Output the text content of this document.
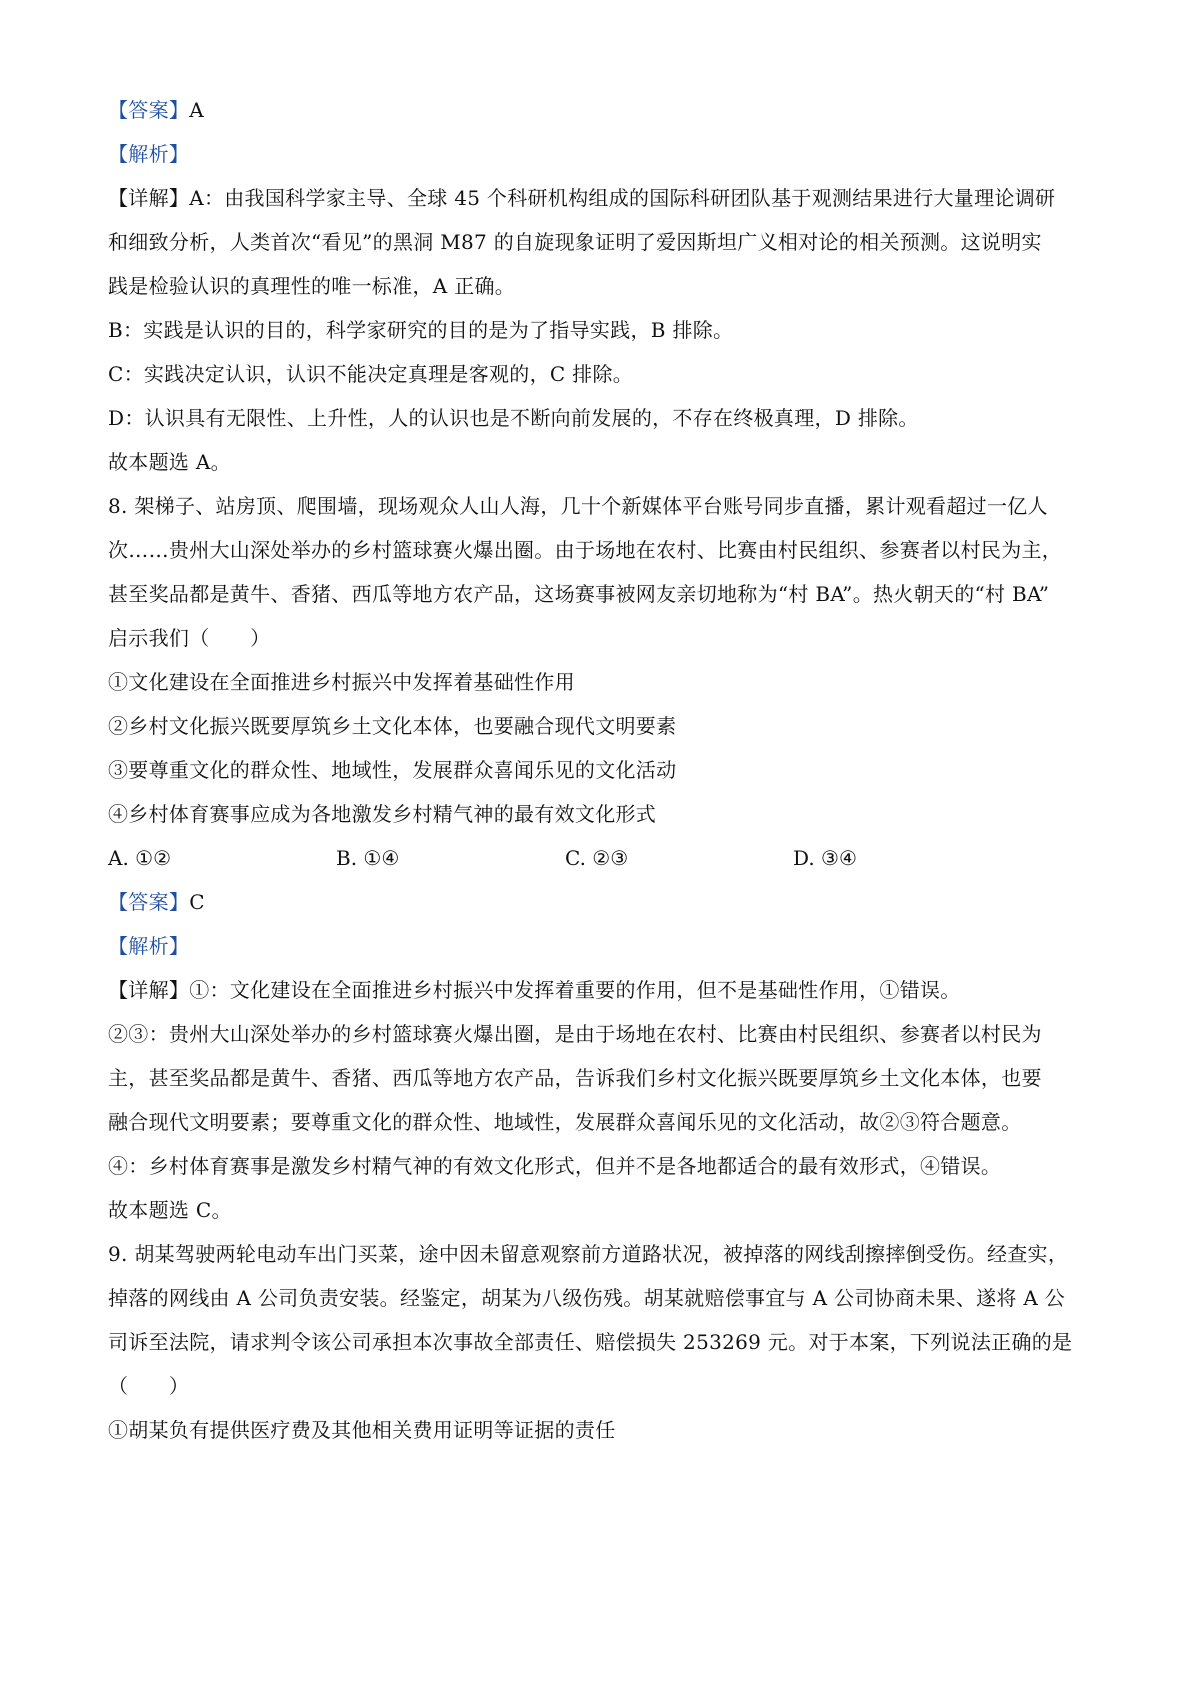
【答案】A
【解析】
【详解】A：由我国科学家主导、全球 45 个科研机构组成的国际科研团队基于观测结果进行大量理论调研
和细致分析，人类首次“看见”的黑洞 M87 的自旋现象证明了爱因斯坦广义相对论的相关预测。这说明实
践是检验认识的真理性的唯一标准，A 正确。
B：实践是认识的目的，科学家研究的目的是为了指导实践，B 排除。
C：实践决定认识，认识不能决定真理是客观的，C 排除。
D：认识具有无限性、上升性，人的认识也是不断向前发展的，不存在终极真理，D 排除。
故本题选 A。
8. 架梯子、站房顶、爬围墙，现场观众人山人海，几十个新媒体平台账号同步直播，累计观看超过一亿人
次……贵州大山深处举办的乡村篮球赛火爆出圈。由于场地在农村、比赛由村民组织、参赛者以村民为主，
甚至奖品都是黄牛、香猪、西瓜等地方农产品，这场赛事被网友亲切地称为“村 BA”。热火朝天的“村 BA”
启示我们（　　）
①文化建设在全面推进乡村振兴中发挥着基础性作用
②乡村文化振兴既要厚筑乡土文化本体，也要融合现代文明要素
③要尊重文化的群众性、地域性，发展群众喜闻乐见的文化活动
④乡村体育赛事应成为各地激发乡村精气神的最有效文化形式
A. ①②	B. ①④	C. ②③	D. ③④
【答案】C
【解析】
【详解】①：文化建设在全面推进乡村振兴中发挥着重要的作用，但不是基础性作用，①错误。
②③：贵州大山深处举办的乡村篮球赛火爆出圈，是由于场地在农村、比赛由村民组织、参赛者以村民为
主，甚至奖品都是黄牛、香猪、西瓜等地方农产品，告诉我们乡村文化振兴既要厚筑乡土文化本体，也要
融合现代文明要素；要尊重文化的群众性、地域性，发展群众喜闻乐见的文化活动，故②③符合题意。
④：乡村体育赛事是激发乡村精气神的有效文化形式，但并不是各地都适合的最有效形式，④错误。
故本题选 C。
9. 胡某驾驶两轮电动车出门买菜，途中因未留意观察前方道路状况，被掉落的网线刮擦摔倒受伤。经查实，
掉落的网线由 A 公司负责安装。经鉴定，胡某为八级伤残。胡某就赔偿事宜与 A 公司协商未果、遂将 A 公
司诉至法院，请求判令该公司承担本次事故全部责任、赔偿损失 253269 元。对于本案，下列说法正确的是
（　　）
①胡某负有提供医疗费及其他相关费用证明等证据的责任
